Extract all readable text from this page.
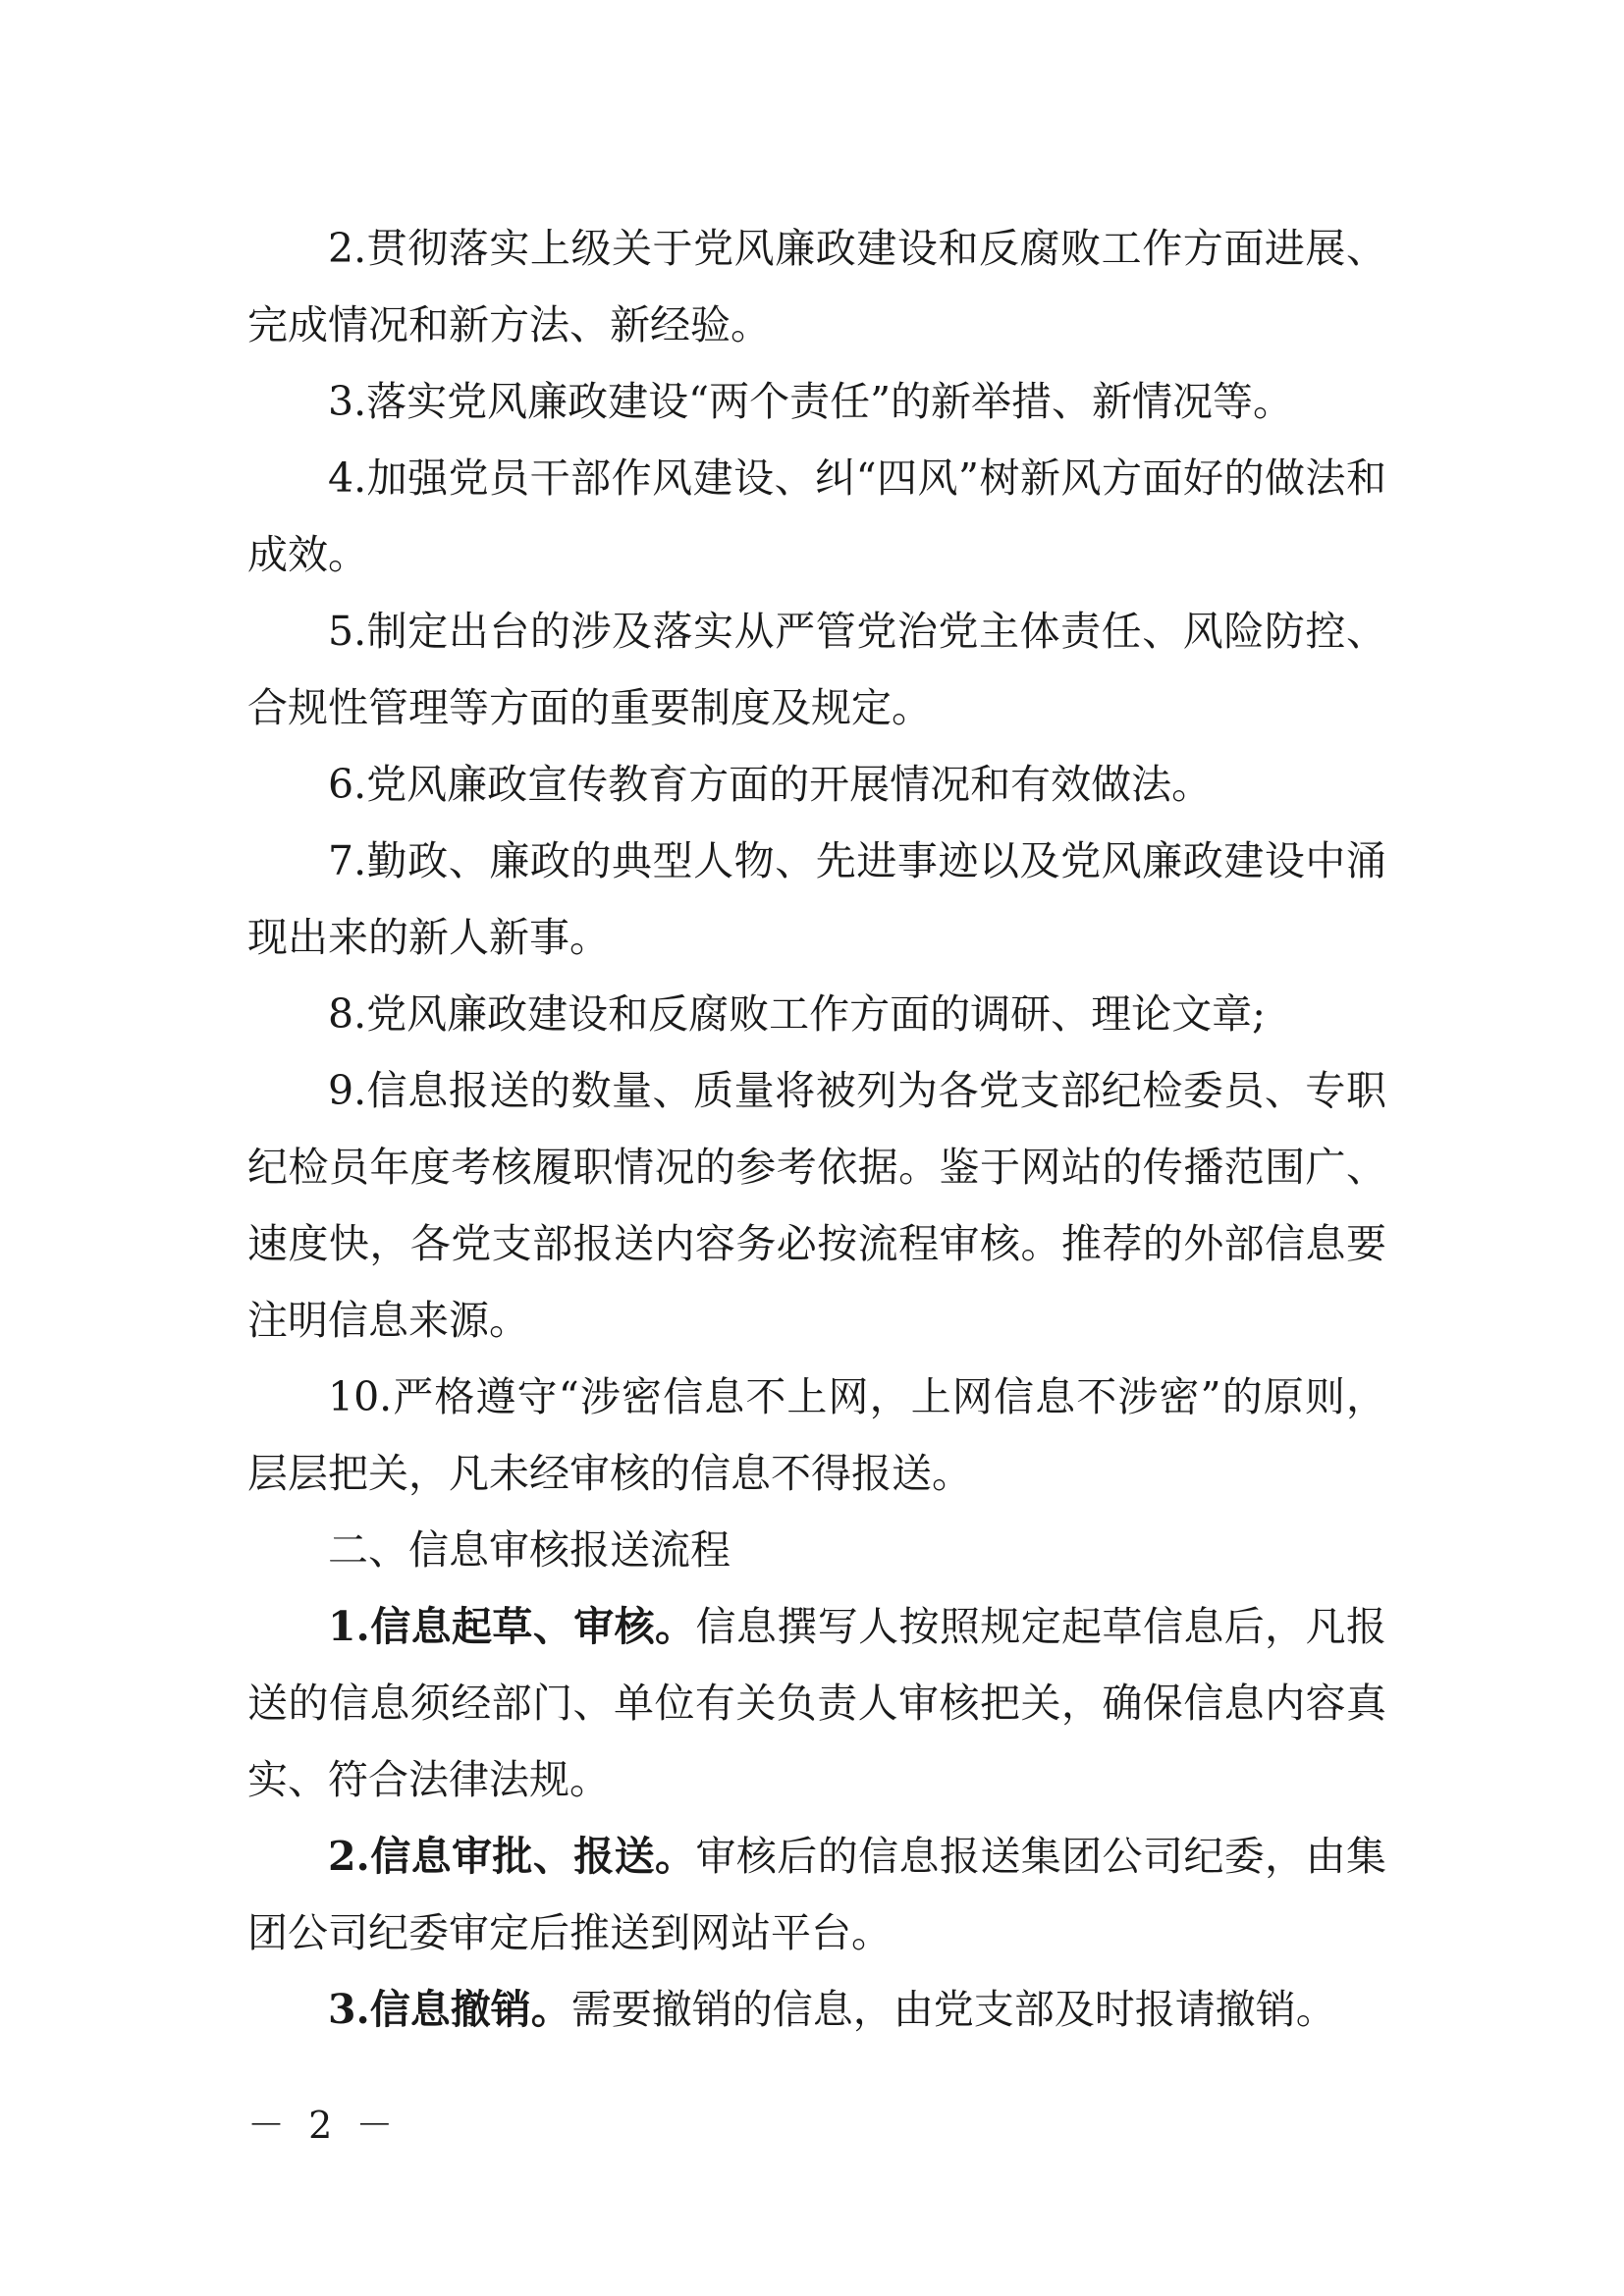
2.贯彻落实上级关于党风廉政建设和反腐败工作方面进展、完成情况和新方法、新经验。

3.落实党风廉政建设“两个责任”的新举措、新情况等。

4.加强党员干部作风建设、纠“四风”树新风方面好的做法和成效。

5.制定出台的涉及落实从严管党治党主体责任、风险防控、合规性管理等方面的重要制度及规定。

6.党风廉政宣传教育方面的开展情况和有效做法。

7.勤政、廉政的典型人物、先进事迹以及党风廉政建设中涌现出来的新人新事。

8.党风廉政建设和反腐败工作方面的调研、理论文章;

9.信息报送的数量、质量将被列为各党支部纪检委员、专职纪检员年度考核履职情况的参考依据。鉴于网站的传播范围广、速度快，各党支部报送内容务必按流程审核。推荐的外部信息要注明信息来源。

10.严格遵守“涉密信息不上网，上网信息不涉密”的原则，层层把关，凡未经审核的信息不得报送。

二、信息审核报送流程

1.信息起草、审核。信息撰写人按照规定起草信息后，凡报送的信息须经部门、单位有关负责人审核把关，确保信息内容真实、符合法律法规。

2.信息审批、报送。审核后的信息报送集团公司纪委，由集团公司纪委审定后推送到网站平台。

3.信息撤销。需要撤销的信息，由党支部及时报请撤销。

－ 2 －
